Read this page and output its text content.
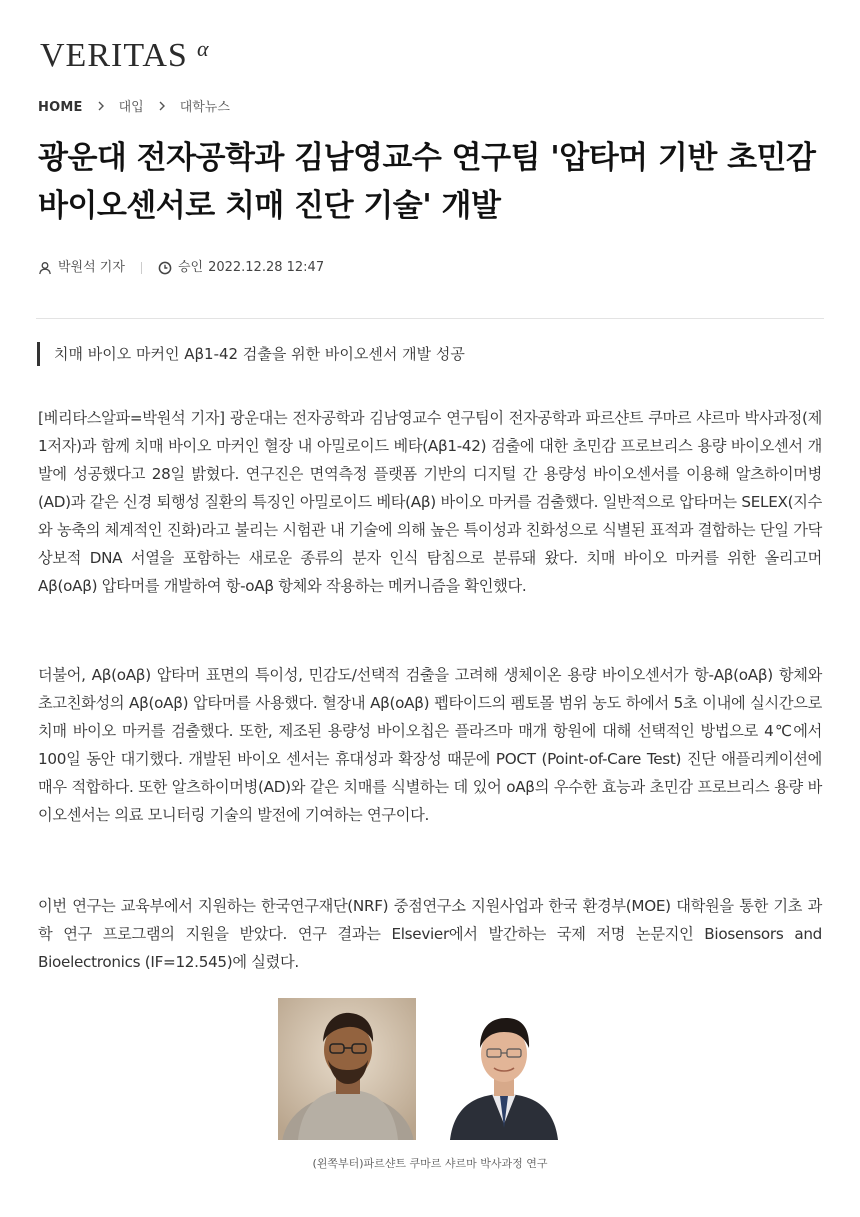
VERITAS α
HOME	대입	대학뉴스
광운대 전자공학과 김남영교수 연구팀 '압타머 기반 초민감 바이오센서로 치매 진단 기술' 개발
박원석 기자	승인 2022.12.28 12:47
치매 바이오 마커인 Aβ1-42 검출을 위한 바이오센서 개발 성공

[베리타스알파=박원석 기자] 광운대는 전자공학과 김남영교수 연구팀이 전자공학과 파르샨트 쿠마르 샤르마 박사과정(제1저자)과 함께 치매 바이오 마커인 혈장 내 아밀로이드 베타(Aβ1-42) 검출에 대한 초민감 프로브리스 용량 바이오센서 개발에 성공했다고 28일 밝혔다. 연구진은 면역측정 플랫폼 기반의 디지털 간 용량성 바이오센서를 이용해 알츠하이머병(AD)과 같은 신경 퇴행성 질환의 특징인 아밀로이드 베타(Aβ) 바이오 마커를 검출했다. 일반적으로 압타머는 SELEX(지수와 농축의 체계적인 진화)라고 불리는 시험관 내 기술에 의해 높은 특이성과 친화성으로 식별된 표적과 결합하는 단일 가닥 상보적 DNA 서열을 포함하는 새로운 종류의 분자 인식 탐침으로 분류돼 왔다. 치매 바이오 마커를 위한 올리고머 Aβ(oAβ) 압타머를 개발하여 항-oAβ 항체와 작용하는 메커니즘을 확인했다.

더불어, Aβ(oAβ) 압타머 표면의 특이성, 민감도/선택적 검출을 고려해 생체이온 용량 바이오센서가 항-Aβ(oAβ) 항체와 초고친화성의 Aβ(oAβ) 압타머를 사용했다. 혈장내 Aβ(oAβ) 펩타이드의 펨토몰 범위 농도 하에서 5초 이내에 실시간으로 치매 바이오 마커를 검출했다. 또한, 제조된 용량성 바이오칩은 플라즈마 매개 항원에 대해 선택적인 방법으로 4℃에서 100일 동안 대기했다. 개발된 바이오 센서는 휴대성과 확장성 때문에 POCT (Point-of-Care Test) 진단 애플리케이션에 매우 적합하다. 또한 알츠하이머병(AD)와 같은 치매를 식별하는 데 있어 oAβ의 우수한 효능과 초민감 프로브리스 용량 바이오센서는 의료 모니터링 기술의 발전에 기여하는 연구이다.

이번 연구는 교육부에서 지원하는 한국연구재단(NRF) 중점연구소 지원사업과 한국 환경부(MOE) 대학원을 통한 기초 과학 연구 프로그램의 지원을 받았다. 연구 결과는 Elsevier에서 발간하는 국제 저명 논문지인 Biosensors and Bioelectronics (IF=12.545)에 실렸다.

(왼쪽부터)파르샨트 쿠마르 샤르마 박사과정 연구
